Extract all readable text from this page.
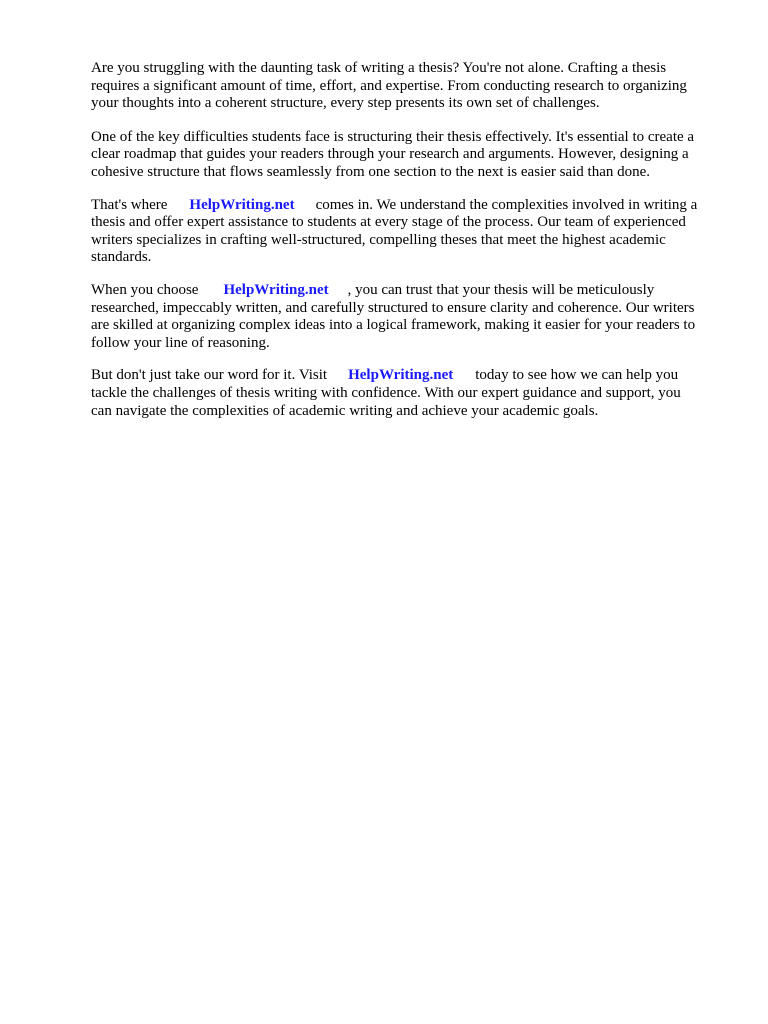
Are you struggling with the daunting task of writing a thesis? You're not alone. Crafting a thesis
requires a significant amount of time, effort, and expertise. From conducting research to organizing
your thoughts into a coherent structure, every step presents its own set of challenges.

One of the key difficulties students face is structuring their thesis effectively. It's essential to create a
clear roadmap that guides your readers through your research and arguments. However, designing a
cohesive structure that flows seamlessly from one section to the next is easier said than done.

That's where HelpWriting.net comes in. We understand the complexities involved in writing a
thesis and offer expert assistance to students at every stage of the process. Our team of experienced
writers specializes in crafting well-structured, compelling theses that meet the highest academic
standards.

When you choose HelpWriting.net , you can trust that your thesis will be meticulously
researched, impeccably written, and carefully structured to ensure clarity and coherence. Our writers
are skilled at organizing complex ideas into a logical framework, making it easier for your readers to
follow your line of reasoning.

But don't just take our word for it. Visit HelpWriting.net today to see how we can help you
tackle the challenges of thesis writing with confidence. With our expert guidance and support, you
can navigate the complexities of academic writing and achieve your academic goals.
